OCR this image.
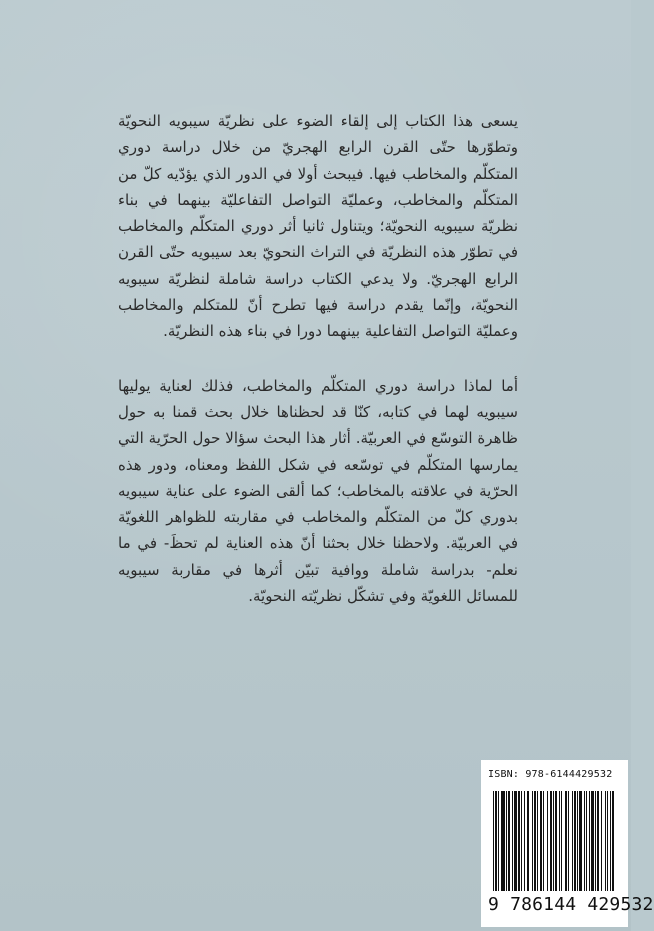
يسعى هذا الكتاب إلى إلقاء الضوء على نظريّة سيبويه النحويّة وتطوّرها حتّى القرن الرابع الهجريّ من خلال دراسة دوري المتكلّم والمخاطب فيها. فيبحث أولا في الدور الذي يؤدّيه كلّ من المتكلّم والمخاطب، وعمليّة التواصل التفاعليّة بينهما في بناء نظريّة سيبويه النحويّة؛ ويتناول ثانيا أثر دوري المتكلّم والمخاطب في تطوّر هذه النظريّة في التراث النحويّ بعد سيبويه حتّى القرن الرابع الهجريّ. ولا يدعي الكتاب دراسة شاملة لنظريّة سيبويه النحويّة، وإنّما يقدم دراسة فيها تطرح أنّ للمتكلم والمخاطب وعمليّة التواصل التفاعلية بينهما دورا في بناء هذه النظريّة.

أما لماذا دراسة دوري المتكلّم والمخاطب، فذلك لعناية يوليها سيبويه لهما في كتابه، كنّا قد لحظناها خلال بحث قمنا به حول ظاهرة التوسّع في العربيّة. أثار هذا البحث سؤالا حول الحرّية التي يمارسها المتكلّم في توسّعه في شكل اللفظ ومعناه، ودور هذه الحرّية في علاقته بالمخاطب؛ كما ألقى الضوء على عناية سيبويه بدوري كلّ من المتكلّم والمخاطب في مقاربته للظواهر اللغويّة في العربيّة. ولاحظنا خلال بحثنا أنّ هذه العناية لم تحظَ- في ما نعلم- بدراسة شاملة ووافية تبيّن أثرها في مقاربة سيبويه للمسائل اللغويّة وفي تشكّل نظريّته النحويّة.

ISBN: 978-6144429532
9 786144 429532
